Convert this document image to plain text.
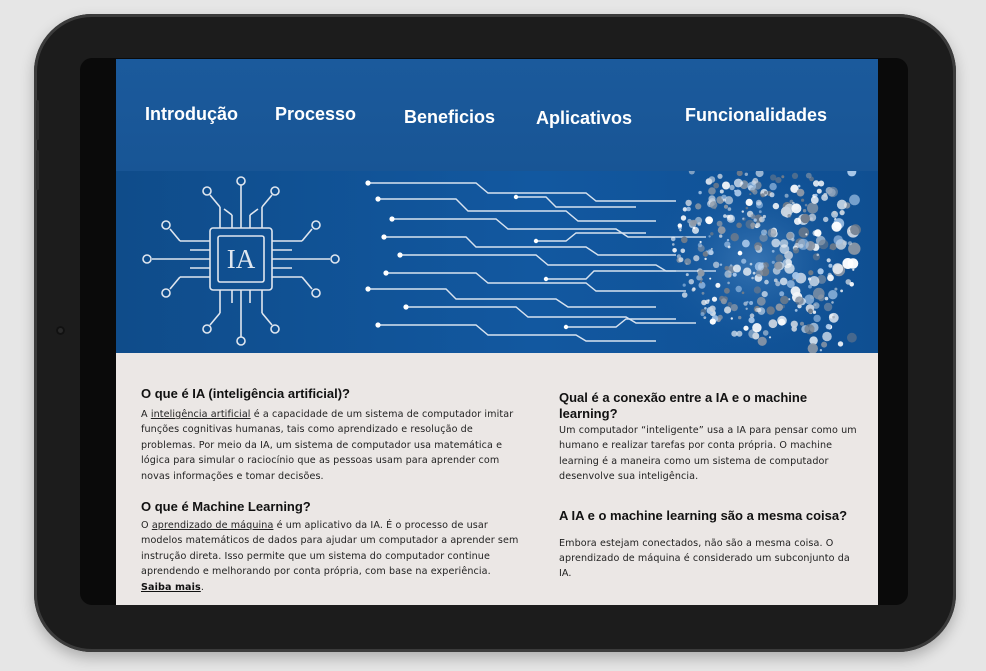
Introdução Processo	Beneficios Aplicativos	Funcionalidades
IA
O que é IA (inteligência artificial)?

A inteligência artificial é a capacidade de um sistema de computador imitar funções cognitivas humanas, tais como aprendizado e resolução de problemas. Por meio da IA, um sistema de computador usa matemática e lógica para simular o raciocínio que as pessoas usam para aprender com novas informações e tomar decisões.

O que é Machine Learning?

O aprendizado de máquina é um aplicativo da IA. É o processo de usar modelos matemáticos de dados para ajudar um computador a aprender sem instrução direta. Isso permite que um sistema do computador continue aprendendo e melhorando por conta própria, com base na experiência.
Saiba mais.

Qual é a conexão entre a IA e o machine learning?

Um computador “inteligente” usa a IA para pensar como um humano e realizar tarefas por conta própria. O machine learning é a maneira como um sistema de computador desenvolve sua inteligência.

A IA e o machine learning são a mesma coisa?

Embora estejam conectados, não são a mesma coisa. O aprendizado de máquina é considerado um subconjunto da IA.
